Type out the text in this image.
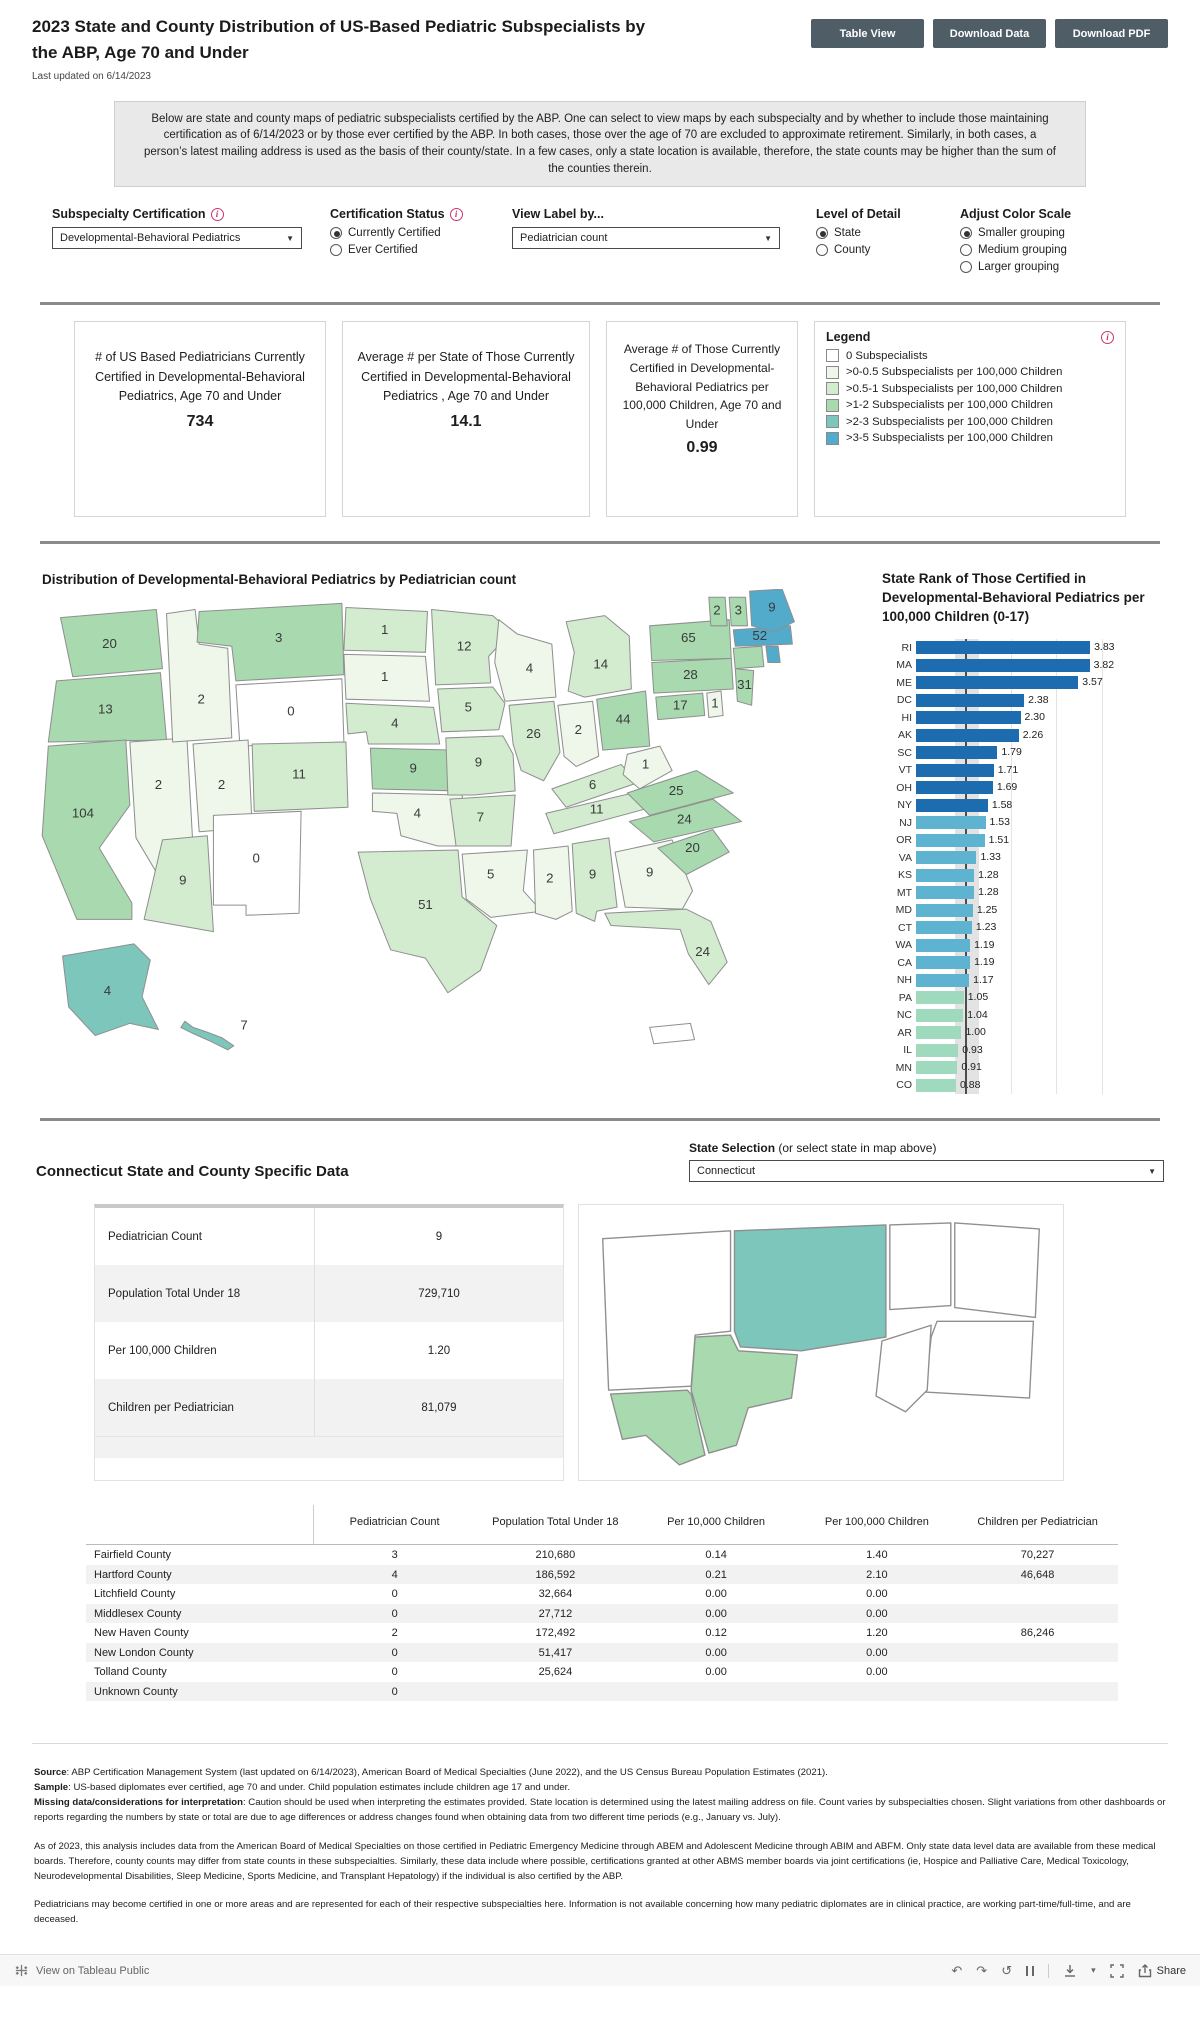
2023 State and County Distribution of US-Based Pediatric Subspecialists by the ABP, Age 70 and Under
Last updated on 6/14/2023
Table View	Download Data	Download PDF
Below are state and county maps of pediatric subspecialists certified by the ABP. One can select to view maps by each subspecialty and by whether to include those maintaining certification as of 6/14/2023 or by those ever certified by the ABP. In both cases, those over the age of 70 are excluded to approximate retirement. Similarly, in both cases, a person’s latest mailing address is used as the basis of their county/state. In a few cases, only a state location is available, therefore, the state counts may be higher than the sum of the counties therein.
Subspecialty Certification	i
Developmental-Behavioral Pediatrics	▼
Certification Status	i
Currently Certified
Ever Certified
View Label by...
Pediatrician count	▼
Level of Detail
State
County
Adjust Color Scale
Smaller grouping
Medium grouping
Larger grouping
# of US Based Pediatricians Currently Certified in Developmental-Behavioral Pediatrics, Age 70 and Under
734
Average # per State of Those Currently Certified in Developmental-Behavioral Pediatrics , Age 70 and Under
14.1
Average # of Those Currently Certified in Developmental-Behavioral Pediatrics per 100,000 Children, Age 70 and Under
0.99
Legend	i
0 Subspecialists
>0-0.5 Subspecialists per 100,000 Children
>0.5-1 Subspecialists per 100,000 Children
>1-2 Subspecialists per 100,000 Children
>2-3 Subspecialists per 100,000 Children
>3-5 Subspecialists per 100,000 Children
Distribution of Developmental-Behavioral Pediatrics by Pediatrician count
20
13
104
2
2
2
9
3
0
11
0
1
1
4
9
4
51
12
5
9
7
5
4
26
14
2
44
6
11
2	9	9
24
20
24
25
1
17 1
28
31
65	52
2 3 9
4
7
State Rank of Those Certified in Developmental-Behavioral Pediatrics per 100,000 Children (0-17)
RI	3.83
MA	3.82
ME	3.57
DC	2.38
HI	2.30
AK	2.26
SC	1.79
VT	1.71
OH	1.69
NY	1.58
NJ	1.53
OR	1.51
VA	1.33
KS	1.28
MT	1.28
MD	1.25
CT	1.23
WA	1.19
CA	1.19
NH	1.17
PA	1.05
NC	1.04
AR	1.00
IL	0.93
MN	0.91
CO	0.88
Connecticut State and County Specific Data
State Selection (or select state in map above)
Connecticut	▼
Pediatrician Count	9
Population Total Under 18	729,710
Per 100,000 Children	1.20
Children per Pediatrician	81,079
Pediatrician Count	Population Total Under 18	Per 10,000 Children	Per 100,000 Children	Children per Pediatrician
Fairfield County	3	210,680	0.14	1.40	70,227
Hartford County	4	186,592	0.21	2.10	46,648
Litchfield County	0	32,664	0.00	0.00
Middlesex County	0	27,712	0.00	0.00
New Haven County	2	172,492	0.12	1.20	86,246
New London County	0	51,417	0.00	0.00
Tolland County	0	25,624	0.00	0.00
Unknown County	0

Source: ABP Certification Management System (last updated on 6/14/2023), American Board of Medical Specialties (June 2022), and the US Census Bureau Population Estimates (2021).

Sample: US-based diplomates ever certified, age 70 and under. Child population estimates include children age 17 and under.

Missing data/considerations for interpretation: Caution should be used when interpreting the estimates provided. State location is determined using the latest mailing address on file. Count varies by subspecialties chosen. Slight variations from other dashboards or reports regarding the numbers by state or total are due to age differences or address changes found when obtaining data from two different time periods (e.g., January vs. July).

As of 2023, this analysis includes data from the American Board of Medical Specialties on those certified in Pediatric Emergency Medicine through ABEM and Adolescent Medicine through ABIM and ABFM. Only state data level data are available from these medical boards. Therefore, county counts may differ from state counts in these subspecialties. Similarly, these data include where possible, certifications granted at other ABMS member boards via joint certifications (ie, Hospice and Palliative Care, Medical Toxicology, Neurodevelopmental Disabilities, Sleep Medicine, Sports Medicine, and Transplant Hepatology) if the individual is also certified by the ABP.

Pediatricians may become certified in one or more areas and are represented for each of their respective subspecialties here. Information is not available concerning how many pediatric diplomates are in clinical practice, are working part-time/full-time, and are deceased.

View on Tableau Public	↶ ↷ ↺	▾	Share
